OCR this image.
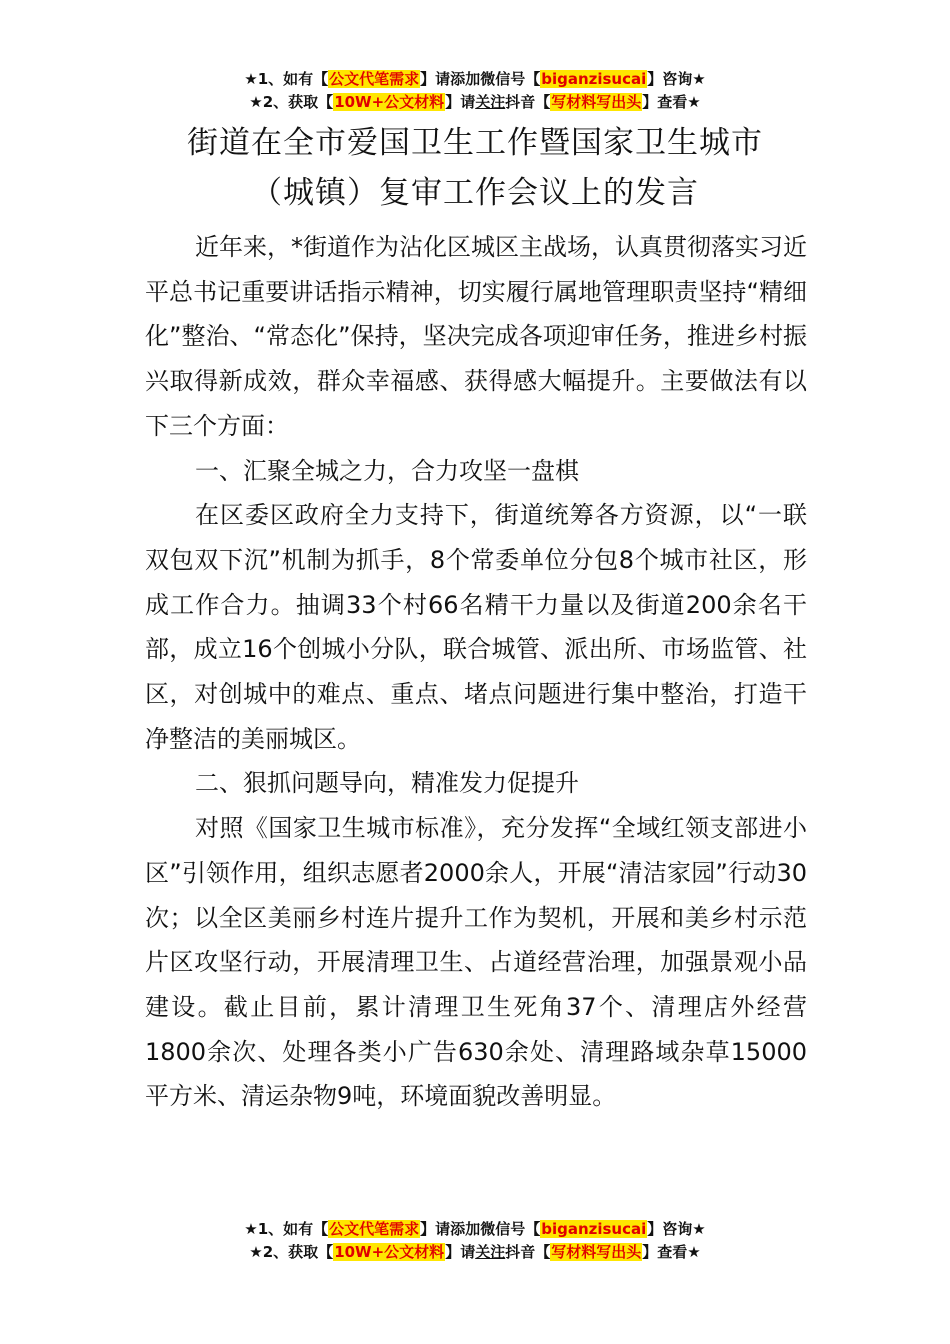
★1、如有【公文代笔需求】请添加微信号【biganzisucai】咨询★
★2、获取【10W+公文材料】请关注抖音【写材料写出头】查看★
街道在全市爱国卫生工作暨国家卫生城市
（城镇）复审工作会议上的发言

近年来，*街道作为沾化区城区主战场，认真贯彻落实习近平总书记重要讲话指示精神，切实履行属地管理职责坚持“精细化”整治、“常态化”保持，坚决完成各项迎审任务，推进乡村振兴取得新成效，群众幸福感、获得感大幅提升。主要做法有以下三个方面：

一、汇聚全城之力，合力攻坚一盘棋

在区委区政府全力支持下，街道统筹各方资源，以“一联双包双下沉”机制为抓手，8个常委单位分包8个城市社区，形成工作合力。抽调33个村66名精干力量以及街道200余名干部，成立16个创城小分队，联合城管、派出所、市场监管、社区，对创城中的难点、重点、堵点问题进行集中整治，打造干净整洁的美丽城区。

二、狠抓问题导向，精准发力促提升

对照《国家卫生城市标准》，充分发挥“全域红领支部进小区”引领作用，组织志愿者2000余人，开展“清洁家园”行动30次；以全区美丽乡村连片提升工作为契机，开展和美乡村示范片区攻坚行动，开展清理卫生、占道经营治理，加强景观小品建设。截止目前，累计清理卫生死角37个、清理店外经营1800余次、处理各类小广告630余处、清理路域杂草15000平方米、清运杂物9吨，环境面貌改善明显。

★1、如有【公文代笔需求】请添加微信号【biganzisucai】咨询★
★2、获取【10W+公文材料】请关注抖音【写材料写出头】查看★
